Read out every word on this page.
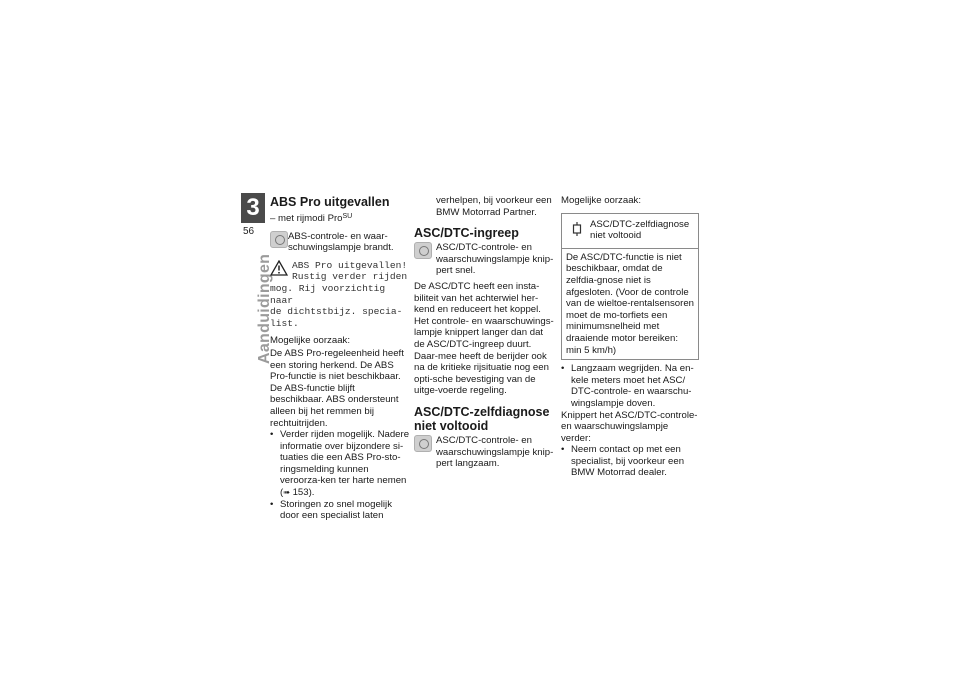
3
56
Aanduidingen
ABS Pro uitgevallen

– met rijmodi Pro$^{SU}$

ABS-controle- en waar-schuwingslampje brandt.

ABS Pro uitgevallen!
Rustig verder rijden
mog. Rij voorzichtig naar
de dichtstbijz. specia-
list.

Mogelijke oorzaak:

De ABS Pro-regeleenheid heeft een storing herkend. De ABS Pro-functie is niet beschikbaar. De ABS-functie blijft beschikbaar. ABS ondersteunt alleen bij het remmen bij rechtuitrijden.

• Verder rijden mogelijk. Nadere informatie over bijzondere si-tuaties die een ABS Pro-sto-ringsmelding kunnen veroorza-ken ter harte nemen (➠ 153).
• Storingen zo snel mogelijk door een specialist laten

verhelpen, bij voorkeur een BMW Motorrad Partner.

ASC/DTC-ingreep

ASC/DTC-controle- en

waarschuwingslampje knip-pert snel.

De ASC/DTC heeft een insta-biliteit van het achterwiel her-kend en reduceert het koppel. Het controle- en waarschuwings-lampje knippert langer dan dat de ASC/DTC-ingreep duurt. Daar-mee heeft de berijder ook na de kritieke rijsituatie nog een opti-sche bevestiging van de uitge-voerde regeling.

ASC/DTC-zelfdiagnose niet voltooid

ASC/DTC-controle- en

waarschuwingslampje knip-pert langzaam.

Mogelijke oorzaak:

ASC/DTC-zelfdiagnose niet voltooid

De ASC/DTC-functie is niet beschikbaar, omdat de zelfdia-gnose niet is afgesloten. (Voor de controle van de wieltoe-rentalsensoren moet de mo-torfiets een minimumsnelheid met draaiende motor bereiken: min 5 km/h)

• Langzaam wegrijden. Na en-kele meters moet het ASC/ DTC-controle- en waarschu-wingslampje doven.

Knippert het ASC/DTC-controle-en waarschuwingslampje verder:

• Neem contact op met een specialist, bij voorkeur een BMW Motorrad dealer.
